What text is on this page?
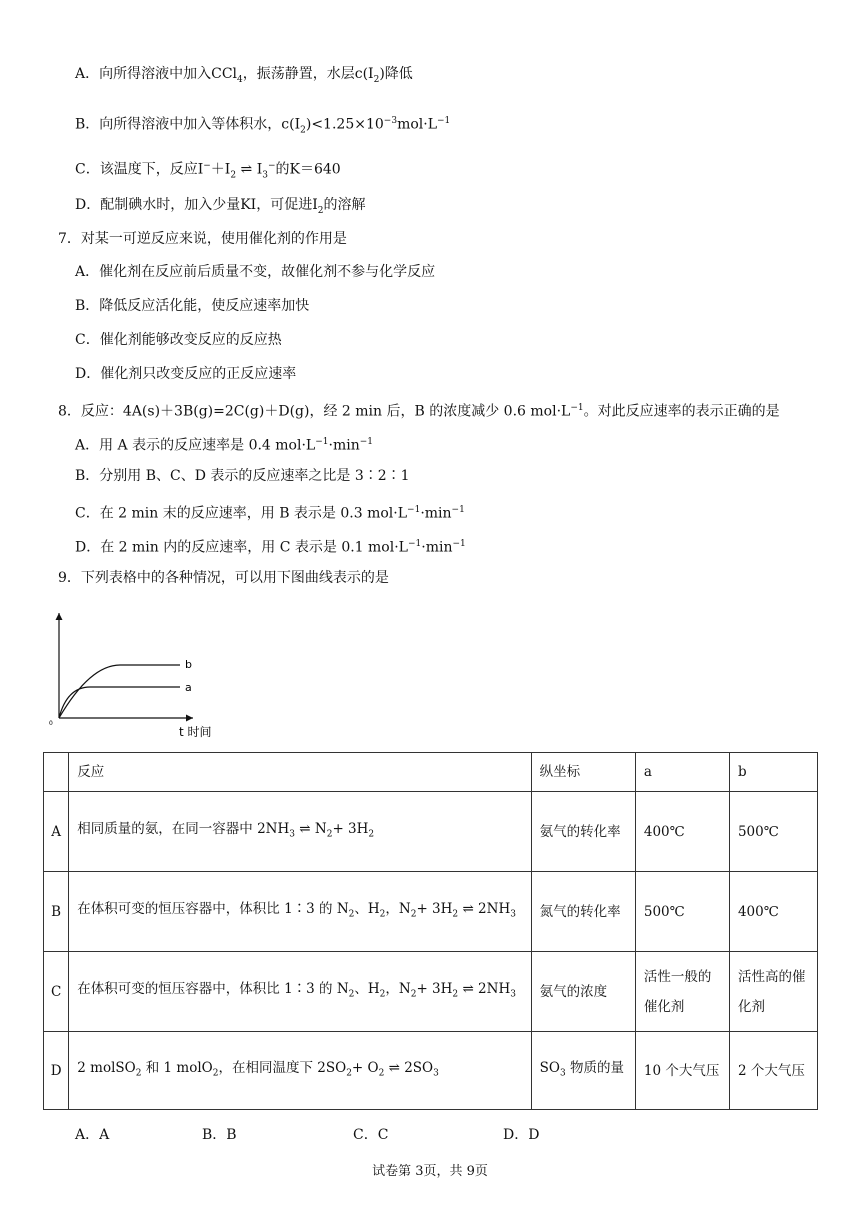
A．向所得溶液中加入CCl$_4$，振荡静置，水层$c(I_2)$降低
B．向所得溶液中加入等体积水，$c(I_2)<1.25\times 10^{-3}mol\cdot L^{-1}$
C．该温度下，反应$I^-+I_2$ ⇌ $I_3^-$的K＝640
D．配制碘水时，加入少量KI，可促进$I_2$的溶解
7．对某一可逆反应来说，使用催化剂的作用是
A．催化剂在反应前后质量不变，故催化剂不参与化学反应
B．降低反应活化能，使反应速率加快
C．催化剂能够改变反应的反应热
D．催化剂只改变反应的正反应速率
8．反应：4A(s)＋3B(g)=2C(g)＋D(g)，经 2 min 后，B 的浓度减少 0.6 $mol\cdot L^{-1}$。对此反应速率的表示正确的是
A．用 A 表示的反应速率是 0.4 $mol\cdot L^{-1}\cdot\min^{-1}$
B．分别用 B、C、D 表示的反应速率之比是 3∶2∶1
C．在 2 min 末的反应速率，用 B 表示是 0.3 $mol\cdot L^{-1}\cdot\min^{-1}$
D．在 2 min 内的反应速率，用 C 表示是 0.1 $mol\cdot L^{-1}\cdot\min^{-1}$
9．下列表格中的各种情况，可以用下图曲线表示的是
b
a
0
t 时间
	反应	纵坐标	a	b
A	相同质量的氨，在同一容器中 $2NH_3$ ⇌ $N_2+ 3H_2$	氨气的转化率	400℃	500℃
B	在体积可变的恒压容器中，体积比 1∶3 的 $N_2$、$H_2$，$N_2+ 3H_2$ ⇌ $2NH_3$	氮气的转化率	500℃	400℃
C	在体积可变的恒压容器中，体积比 1∶3 的 $N_2$、$H_2$，$N_2+ 3H_2$ ⇌ $2NH_3$	氨气的浓度	活性一般的催化剂	活性高的催化剂
D	2 molSO$_2$ 和 1 molO$_2$，在相同温度下 $2SO_2+ O_2$ ⇌ $2SO_3$	$SO_3$ 物质的量	10 个大气压	2 个大气压
A．A	B．B	C．C	D．D
试卷第 3页，共 9页
